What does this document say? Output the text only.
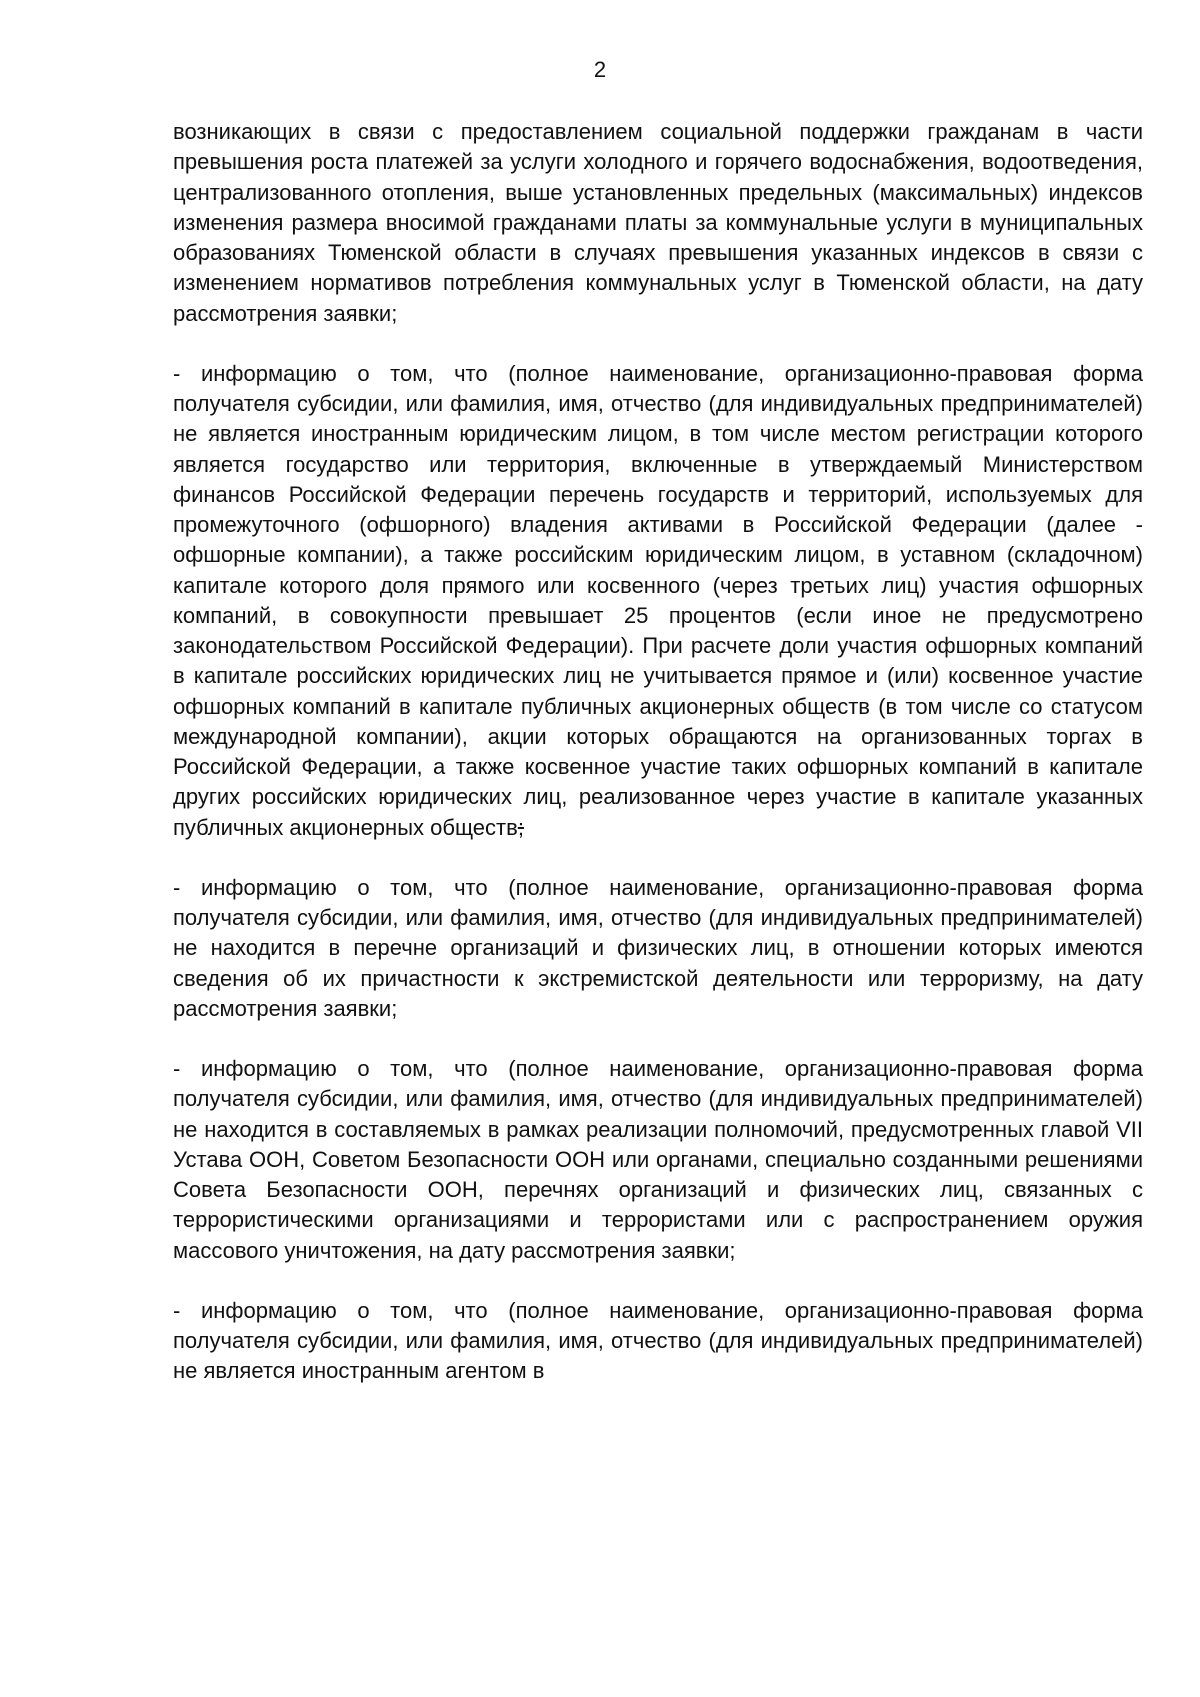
2

возникающих в связи с предоставлением социальной поддержки гражданам в части превышения роста платежей за услуги холодного и горячего водоснабжения, водоотведения, централизованного отопления, выше установленных предельных (максимальных) индексов изменения размера вносимой гражданами платы за коммунальные услуги в муниципальных образованиях Тюменской области в случаях превышения указанных индексов в связи с изменением нормативов потребления коммунальных услуг в Тюменской области, на дату рассмотрения заявки;

- информацию о том, что (полное наименование, организационно-правовая форма получателя субсидии, или фамилия, имя, отчество (для индивидуальных предпринимателей) не является иностранным юридическим лицом, в том числе местом регистрации которого является государство или территория, включенные в утверждаемый Министерством финансов Российской Федерации перечень государств и территорий, используемых для промежуточного (офшорного) владения активами в Российской Федерации (далее - офшорные компании), а также российским юридическим лицом, в уставном (складочном) капитале которого доля прямого или косвенного (через третьих лиц) участия офшорных компаний, в совокупности превышает 25 процентов (если иное не предусмотрено законодательством Российской Федерации). При расчете доли участия офшорных компаний в капитале российских юридических лиц не учитывается прямое и (или) косвенное участие офшорных компаний в капитале публичных акционерных обществ (в том числе со статусом международной компании), акции которых обращаются на организованных торгах в Российской Федерации, а также косвенное участие таких офшорных компаний в капитале других российских юридических лиц, реализованное через участие в капитале указанных публичных акционерных обществ;

- информацию о том, что (полное наименование, организационно-правовая форма получателя субсидии, или фамилия, имя, отчество (для индивидуальных предпринимателей) не находится в перечне организаций и физических лиц, в отношении которых имеются сведения об их причастности к экстремистской деятельности или терроризму, на дату рассмотрения заявки;

- информацию о том, что (полное наименование, организационно-правовая форма получателя субсидии, или фамилия, имя, отчество (для индивидуальных предпринимателей) не находится в составляемых в рамках реализации полномочий, предусмотренных главой VII Устава ООН, Советом Безопасности ООН или органами, специально созданными решениями Совета Безопасности ООН, перечнях организаций и физических лиц, связанных с террористическими организациями и террористами или с распространением оружия массового уничтожения, на дату рассмотрения заявки;

- информацию о том, что (полное наименование, организационно-правовая форма получателя субсидии, или фамилия, имя, отчество (для индивидуальных предпринимателей) не является иностранным агентом в
